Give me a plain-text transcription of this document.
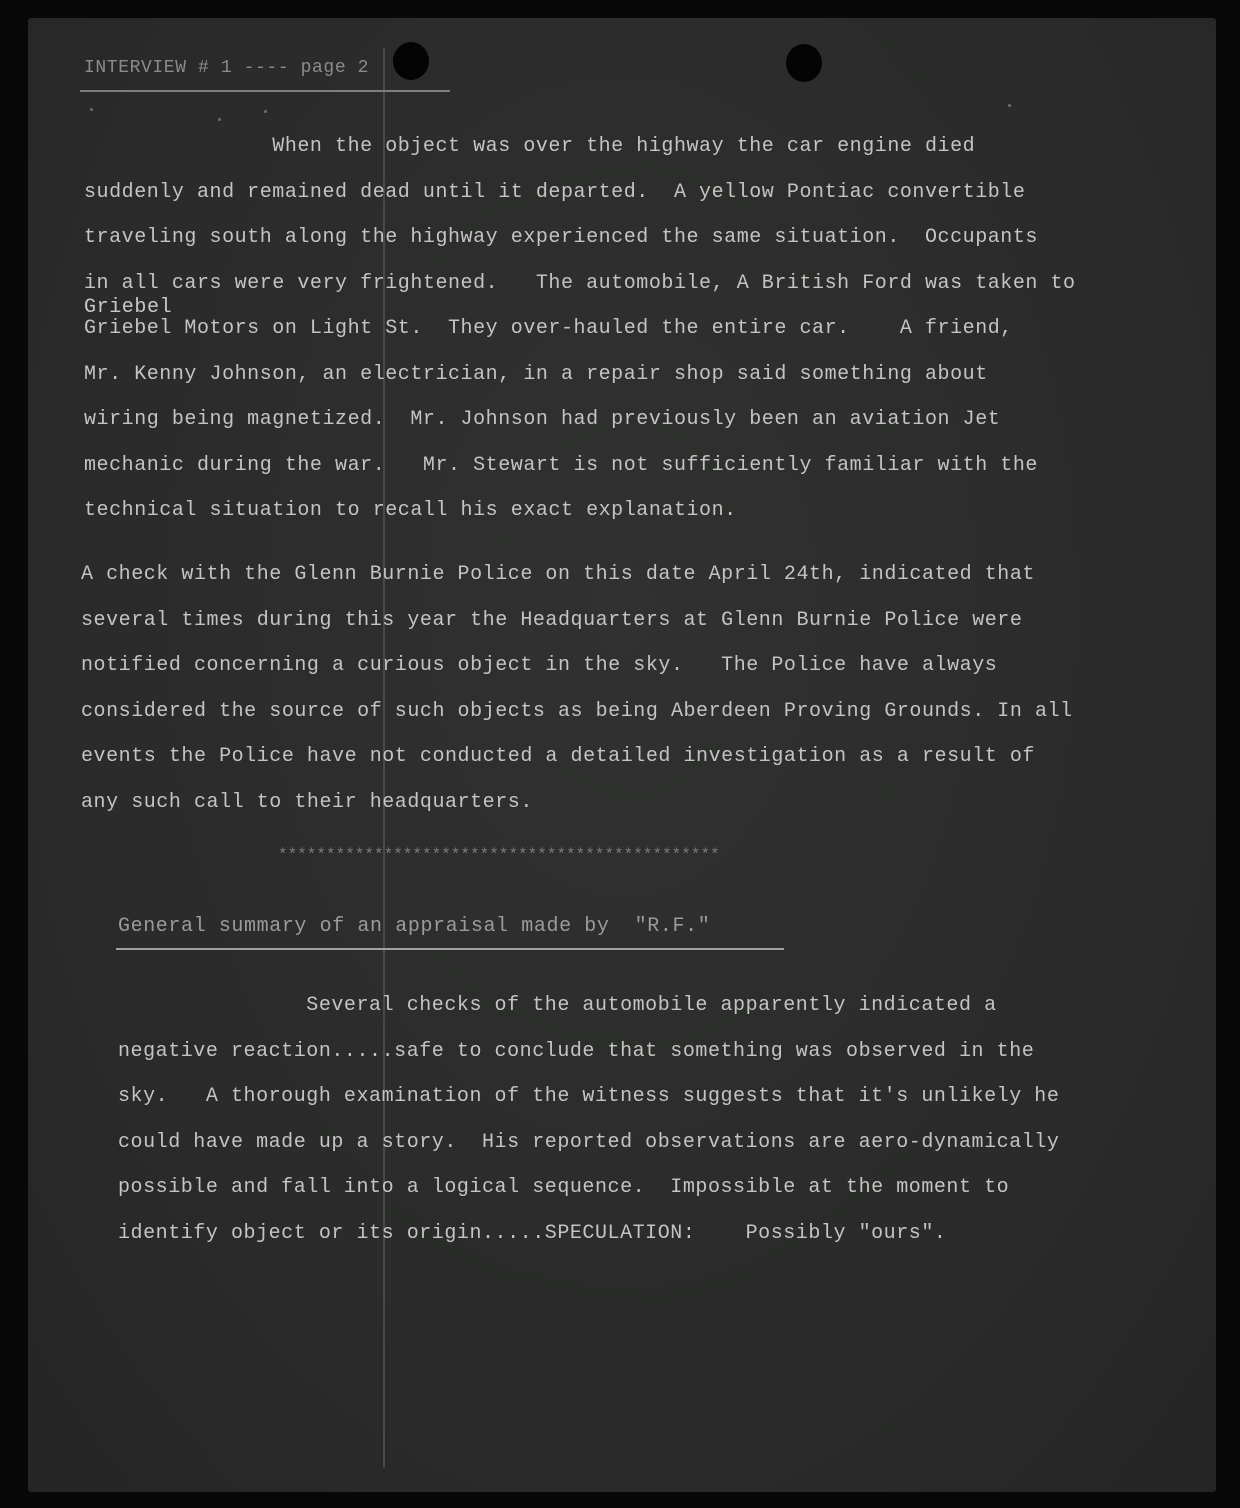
INTERVIEW # 1 ---- page 2
Griebel
When the object was over the highway the car engine died
suddenly and remained dead until it departed.  A yellow Pontiac convertible
traveling south along the highway experienced the same situation.  Occupants
in all cars were very frightened.   The automobile, A British Ford was taken to
Griebel Motors on Light St.  They over-hauled the entire car.    A friend,
Mr. Kenny Johnson, an electrician, in a repair shop said something about
wiring being magnetized.  Mr. Johnson had previously been an aviation Jet
mechanic during the war.   Mr. Stewart is not sufficiently familiar with the
technical situation to recall his exact explanation.
A check with the Glenn Burnie Police on this date April 24th, indicated that
several times during this year the Headquarters at Glenn Burnie Police were
notified concerning a curious object in the sky.   The Police have always
considered the source of such objects as being Aberdeen Proving Grounds. In all
events the Police have not conducted a detailed investigation as a result of
any such call to their headquarters.
**********************************************
General summary of an appraisal made by  "R.F."
Several checks of the automobile apparently indicated a
negative reaction.....safe to conclude that something was observed in the
sky.   A thorough examination of the witness suggests that it's unlikely he
could have made up a story.  His reported observations are aero-dynamically
possible and fall into a logical sequence.  Impossible at the moment to
identify object or its origin.....SPECULATION:    Possibly "ours".
